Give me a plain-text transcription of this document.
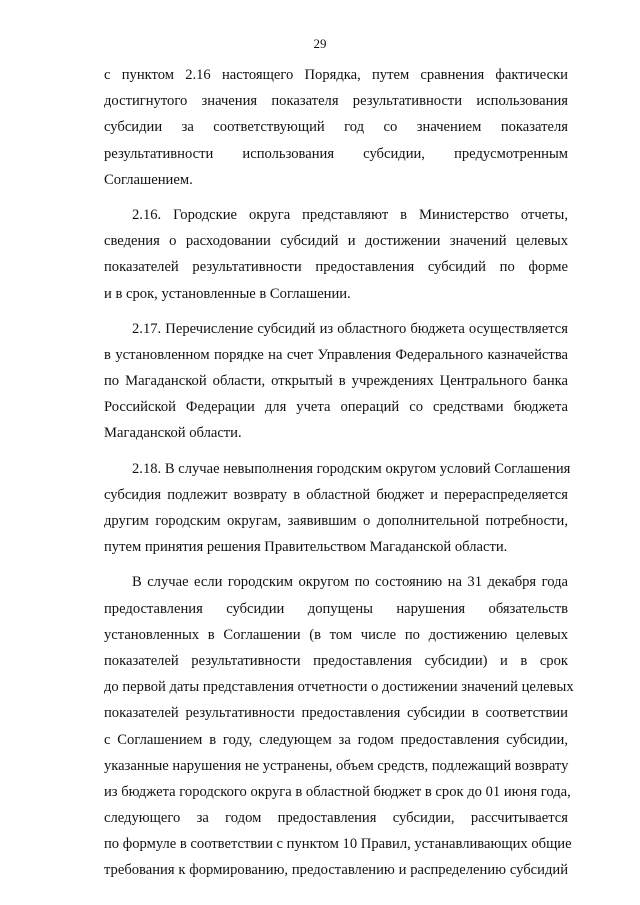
29
с пунктом 2.16 настоящего Порядка, путем сравнения фактически
достигнутого значения показателя результативности использования
субсидии за соответствующий год со значением показателя
результативности использования субсидии, предусмотренным
Соглашением.
2.16. Городские округа представляют в Министерство отчеты,
сведения о расходовании субсидий и достижении значений целевых
показателей результативности предоставления субсидий по форме
и в срок, установленные в Соглашении.
2.17. Перечисление субсидий из областного бюджета осуществляется
в установленном порядке на счет Управления Федерального казначейства
по Магаданской области, открытый в учреждениях Центрального банка
Российской Федерации для учета операций со средствами бюджета
Магаданской области.
2.18. В случае невыполнения городским округом условий Соглашения
субсидия подлежит возврату в областной бюджет и перераспределяется
другим городским округам, заявившим о дополнительной потребности,
путем принятия решения Правительством Магаданской области.
В случае если городским округом по состоянию на 31 декабря года
предоставления субсидии допущены нарушения обязательств
установленных в Соглашении (в том числе по достижению целевых
показателей результативности предоставления субсидии) и в срок
до первой даты представления отчетности о достижении значений целевых
показателей результативности предоставления субсидии в соответствии
с Соглашением в году, следующем за годом предоставления субсидии,
указанные нарушения не устранены, объем средств, подлежащий возврату
из бюджета городского округа в областной бюджет в срок до 01 июня года,
следующего за годом предоставления субсидии, рассчитывается
по формуле в соответствии с пунктом 10 Правил, устанавливающих общие
требования к формированию, предоставлению и распределению субсидий
